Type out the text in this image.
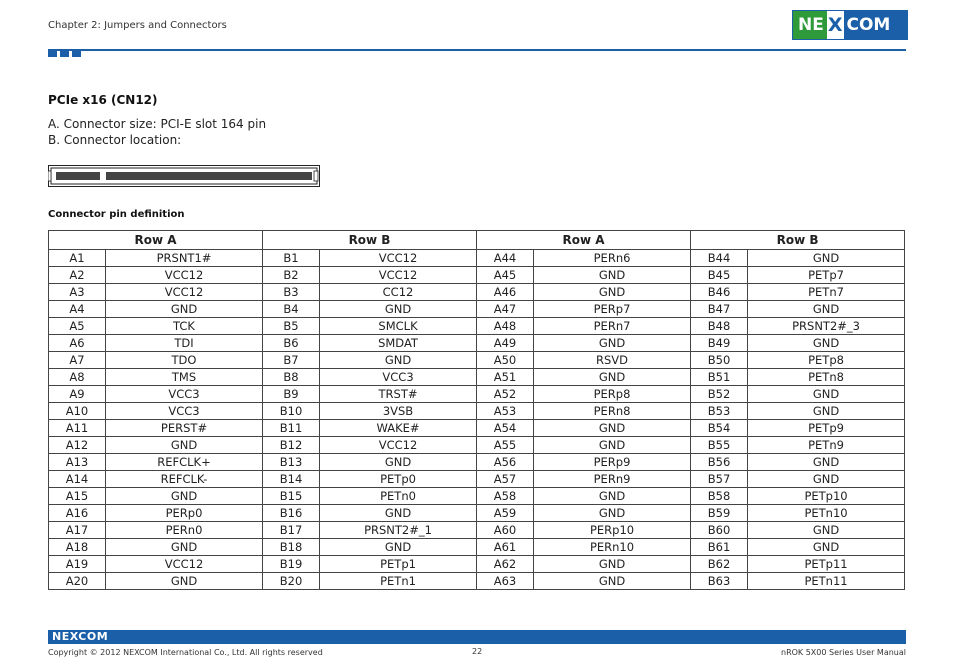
Chapter 2: Jumpers and Connectors	NE X COM
PCIe x16 (CN12)
A. Connector size: PCI-E slot 164 pin
B. Connector location:
Connector pin definition
Row A		Row B		Row A		Row B	
A1	PRSNT1#	B1	VCC12	A44	PERn6	B44	GND
A2	VCC12	B2	VCC12	A45	GND	B45	PETp7
A3	VCC12	B3	CC12	A46	GND	B46	PETn7
A4	GND	B4	GND	A47	PERp7	B47	GND
A5	TCK	B5	SMCLK	A48	PERn7	B48	PRSNT2#_3
A6	TDI	B6	SMDAT	A49	GND	B49	GND
A7	TDO	B7	GND	A50	RSVD	B50	PETp8
A8	TMS	B8	VCC3	A51	GND	B51	PETn8
A9	VCC3	B9	TRST#	A52	PERp8	B52	GND
A10	VCC3	B10	3VSB	A53	PERn8	B53	GND
A11	PERST#	B11	WAKE#	A54	GND	B54	PETp9
A12	GND	B12	VCC12	A55	GND	B55	PETn9
A13	REFCLK+	B13	GND	A56	PERp9	B56	GND
A14	REFCLK-	B14	PETp0	A57	PERn9	B57	GND
A15	GND	B15	PETn0	A58	GND	B58	PETp10
A16	PERp0	B16	GND	A59	GND	B59	PETn10
A17	PERn0	B17	PRSNT2#_1	A60	PERp10	B60	GND
A18	GND	B18	GND	A61	PERn10	B61	GND
A19	VCC12	B19	PETp1	A62	GND	B62	PETp11
A20	GND	B20	PETn1	A63	GND	B63	PETn11
NEXCOM
Copyright © 2012 NEXCOM International Co., Ltd. All rights reserved	22	nROK 5X00 Series User Manual
